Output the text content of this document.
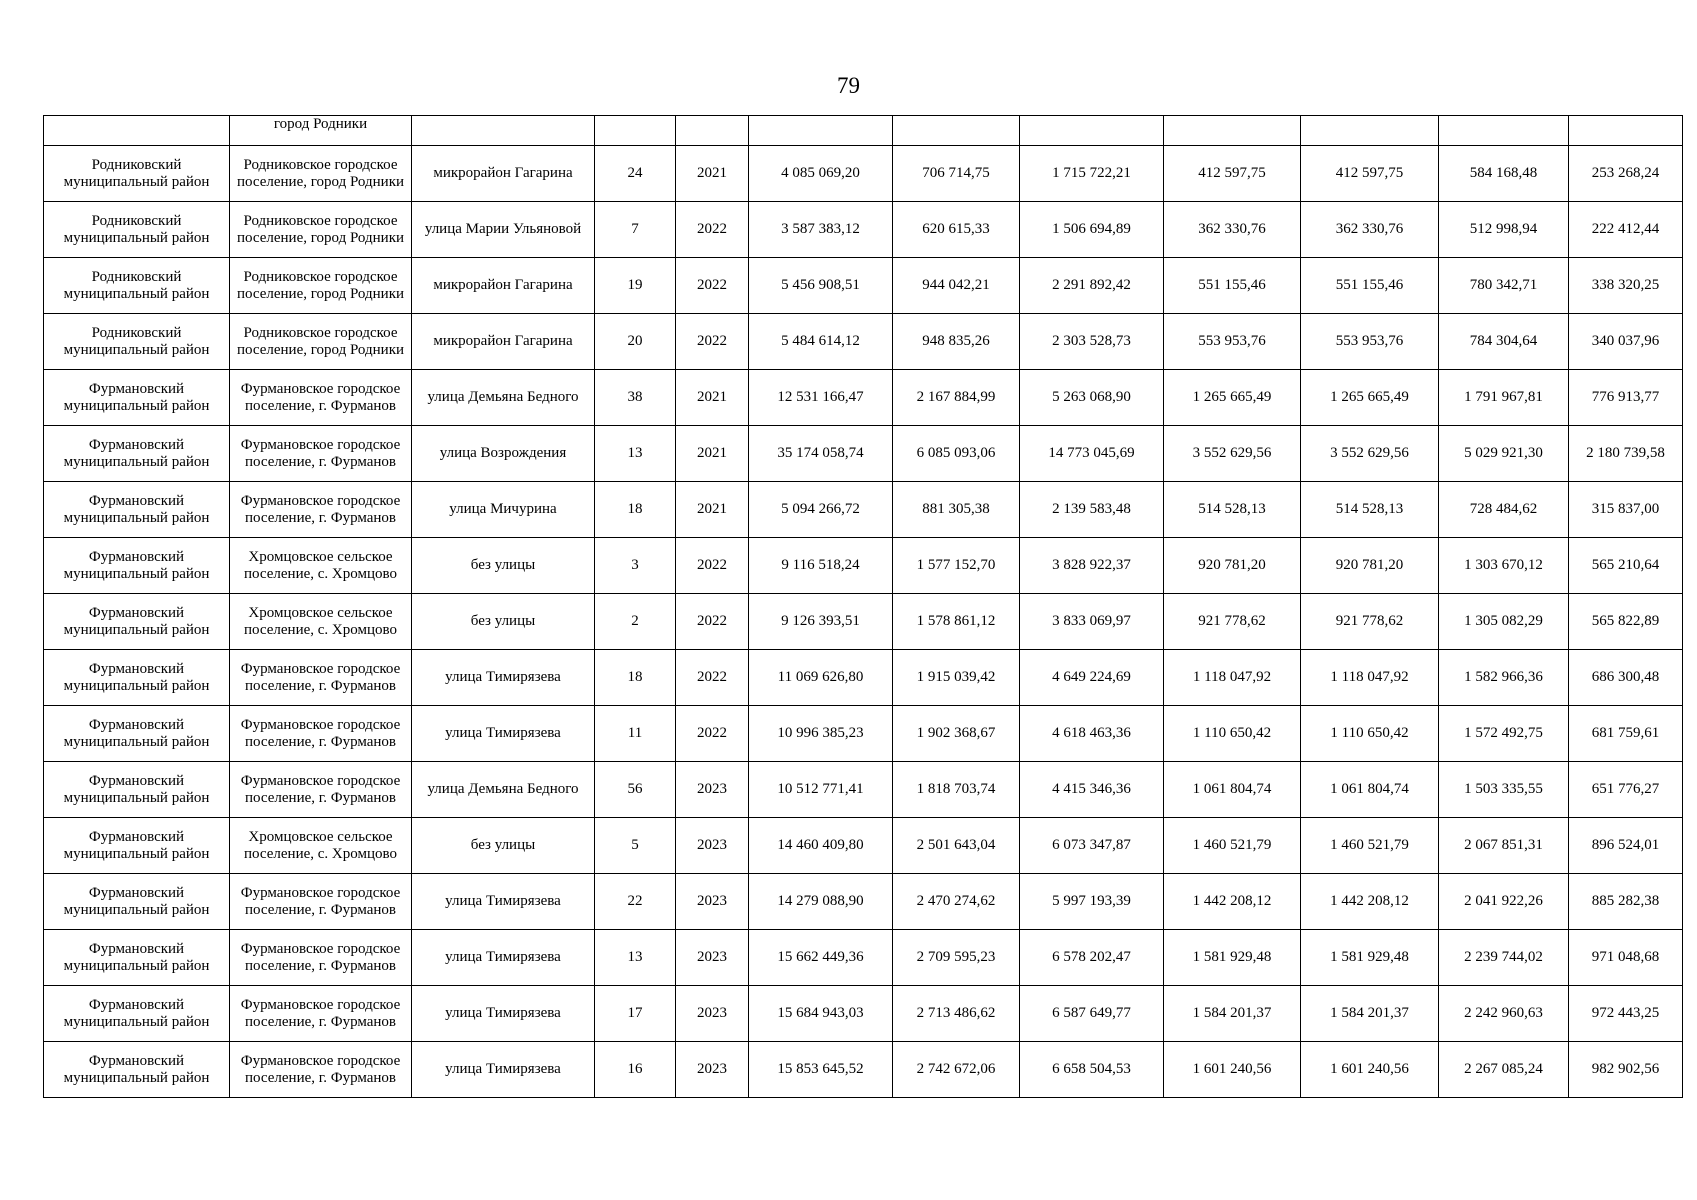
79
	город Родники										
Родниковский муниципальный район	Родниковское городское поселение, город Родники	микрорайон Гагарина	24	2021	4 085 069,20	706 714,75	1 715 722,21	412 597,75	412 597,75	584 168,48	253 268,24
Родниковский муниципальный район	Родниковское городское поселение, город Родники	улица Марии Ульяновой	7	2022	3 587 383,12	620 615,33	1 506 694,89	362 330,76	362 330,76	512 998,94	222 412,44
Родниковский муниципальный район	Родниковское городское поселение, город Родники	микрорайон Гагарина	19	2022	5 456 908,51	944 042,21	2 291 892,42	551 155,46	551 155,46	780 342,71	338 320,25
Родниковский муниципальный район	Родниковское городское поселение, город Родники	микрорайон Гагарина	20	2022	5 484 614,12	948 835,26	2 303 528,73	553 953,76	553 953,76	784 304,64	340 037,96
Фурмановский муниципальный район	Фурмановское городское поселение, г. Фурманов	улица Демьяна Бедного	38	2021	12 531 166,47	2 167 884,99	5 263 068,90	1 265 665,49	1 265 665,49	1 791 967,81	776 913,77
Фурмановский муниципальный район	Фурмановское городское поселение, г. Фурманов	улица Возрождения	13	2021	35 174 058,74	6 085 093,06	14 773 045,69	3 552 629,56	3 552 629,56	5 029 921,30	2 180 739,58
Фурмановский муниципальный район	Фурмановское городское поселение, г. Фурманов	улица Мичурина	18	2021	5 094 266,72	881 305,38	2 139 583,48	514 528,13	514 528,13	728 484,62	315 837,00
Фурмановский муниципальный район	Хромцовское сельское поселение, с. Хромцово	без улицы	3	2022	9 116 518,24	1 577 152,70	3 828 922,37	920 781,20	920 781,20	1 303 670,12	565 210,64
Фурмановский муниципальный район	Хромцовское сельское поселение, с. Хромцово	без улицы	2	2022	9 126 393,51	1 578 861,12	3 833 069,97	921 778,62	921 778,62	1 305 082,29	565 822,89
Фурмановский муниципальный район	Фурмановское городское поселение, г. Фурманов	улица Тимирязева	18	2022	11 069 626,80	1 915 039,42	4 649 224,69	1 118 047,92	1 118 047,92	1 582 966,36	686 300,48
Фурмановский муниципальный район	Фурмановское городское поселение, г. Фурманов	улица Тимирязева	11	2022	10 996 385,23	1 902 368,67	4 618 463,36	1 110 650,42	1 110 650,42	1 572 492,75	681 759,61
Фурмановский муниципальный район	Фурмановское городское поселение, г. Фурманов	улица Демьяна Бедного	56	2023	10 512 771,41	1 818 703,74	4 415 346,36	1 061 804,74	1 061 804,74	1 503 335,55	651 776,27
Фурмановский муниципальный район	Хромцовское сельское поселение, с. Хромцово	без улицы	5	2023	14 460 409,80	2 501 643,04	6 073 347,87	1 460 521,79	1 460 521,79	2 067 851,31	896 524,01
Фурмановский муниципальный район	Фурмановское городское поселение, г. Фурманов	улица Тимирязева	22	2023	14 279 088,90	2 470 274,62	5 997 193,39	1 442 208,12	1 442 208,12	2 041 922,26	885 282,38
Фурмановский муниципальный район	Фурмановское городское поселение, г. Фурманов	улица Тимирязева	13	2023	15 662 449,36	2 709 595,23	6 578 202,47	1 581 929,48	1 581 929,48	2 239 744,02	971 048,68
Фурмановский муниципальный район	Фурмановское городское поселение, г. Фурманов	улица Тимирязева	17	2023	15 684 943,03	2 713 486,62	6 587 649,77	1 584 201,37	1 584 201,37	2 242 960,63	972 443,25
Фурмановский муниципальный район	Фурмановское городское поселение, г. Фурманов	улица Тимирязева	16	2023	15 853 645,52	2 742 672,06	6 658 504,53	1 601 240,56	1 601 240,56	2 267 085,24	982 902,56
